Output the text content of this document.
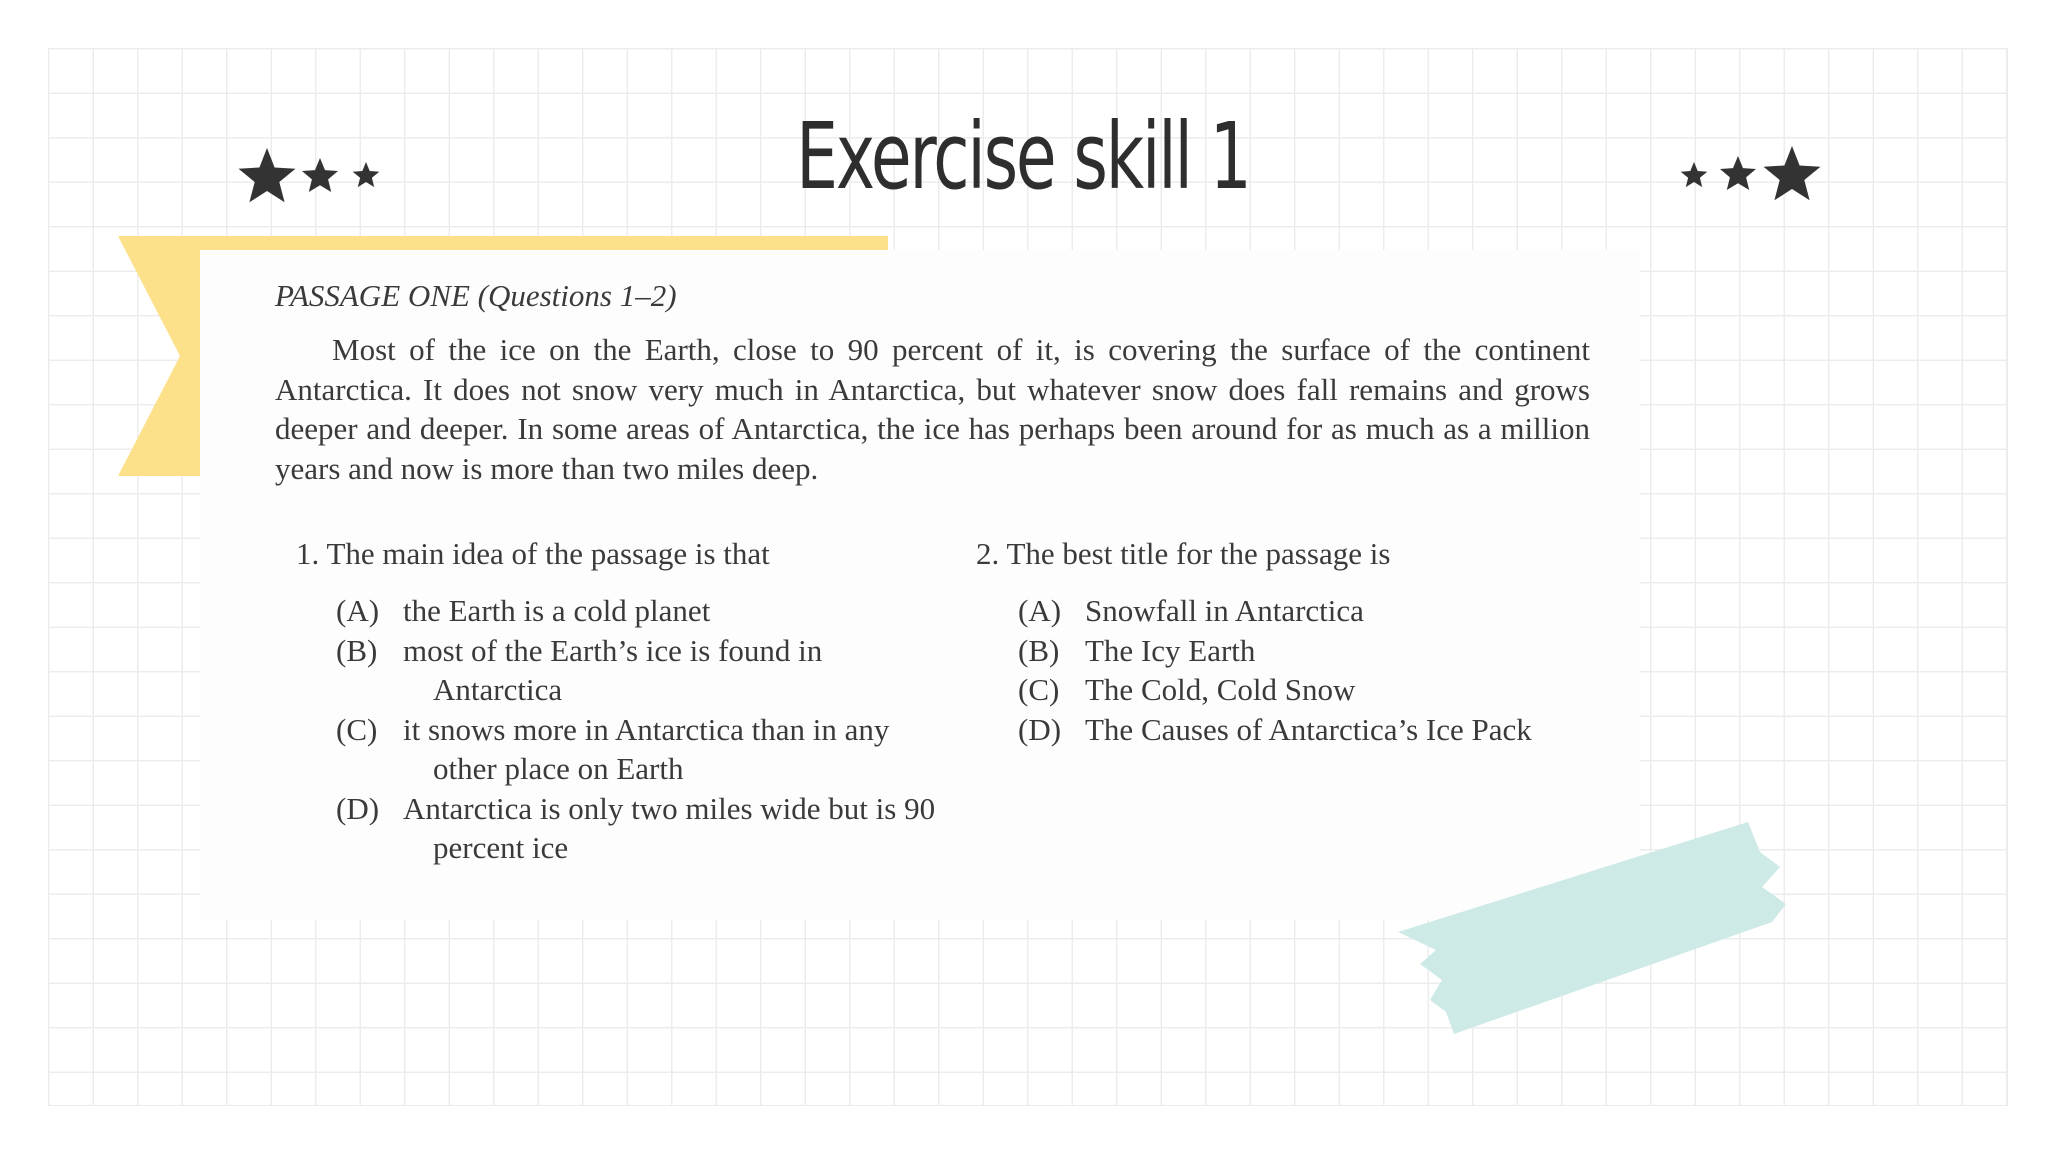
Exercise skill 1
PASSAGE ONE (Questions 1–2)
Most of the ice on the Earth, close to 90 percent of it, is covering the surface of the continent Antarctica. It does not snow very much in Antarctica, but whatever snow does fall remains and grows deeper and deeper. In some areas of Antarctica, the ice has perhaps been around for as much as a million years and now is more than two miles deep.
1. The main idea of the passage is that
(A) the Earth is a cold planet
(B) most of the Earth’s ice is found in Antarctica
(C) it snows more in Antarctica than in any other place on Earth
(D) Antarctica is only two miles wide but is 90 percent ice
2. The best title for the passage is
(A) Snowfall in Antarctica
(B) The Icy Earth
(C) The Cold, Cold Snow
(D) The Causes of Antarctica’s Ice Pack
